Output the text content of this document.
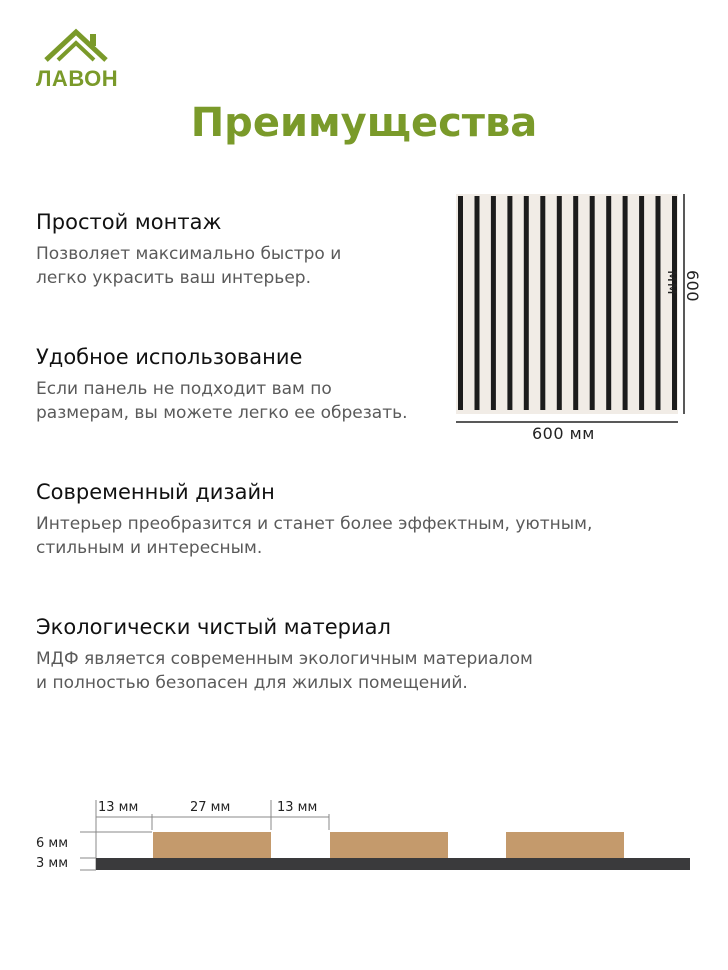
ЛАВОН
Преимущества
Простой монтаж

Позволяет максимально быстро и
легко украсить ваш интерьер.

Удобное использование

Если панель не подходит вам по
размерам, вы можете легко ее обрезать.

Современный дизайн

Интерьер преобразится и станет более эффектным, уютным,
стильным и интересным.

Экологически чистый материал

МДФ является современным экологичным материалом
и полностью безопасен для жилых помещений.

600 мм
600 мм
13 мм	27 мм	13 мм
6 мм
3 мм
